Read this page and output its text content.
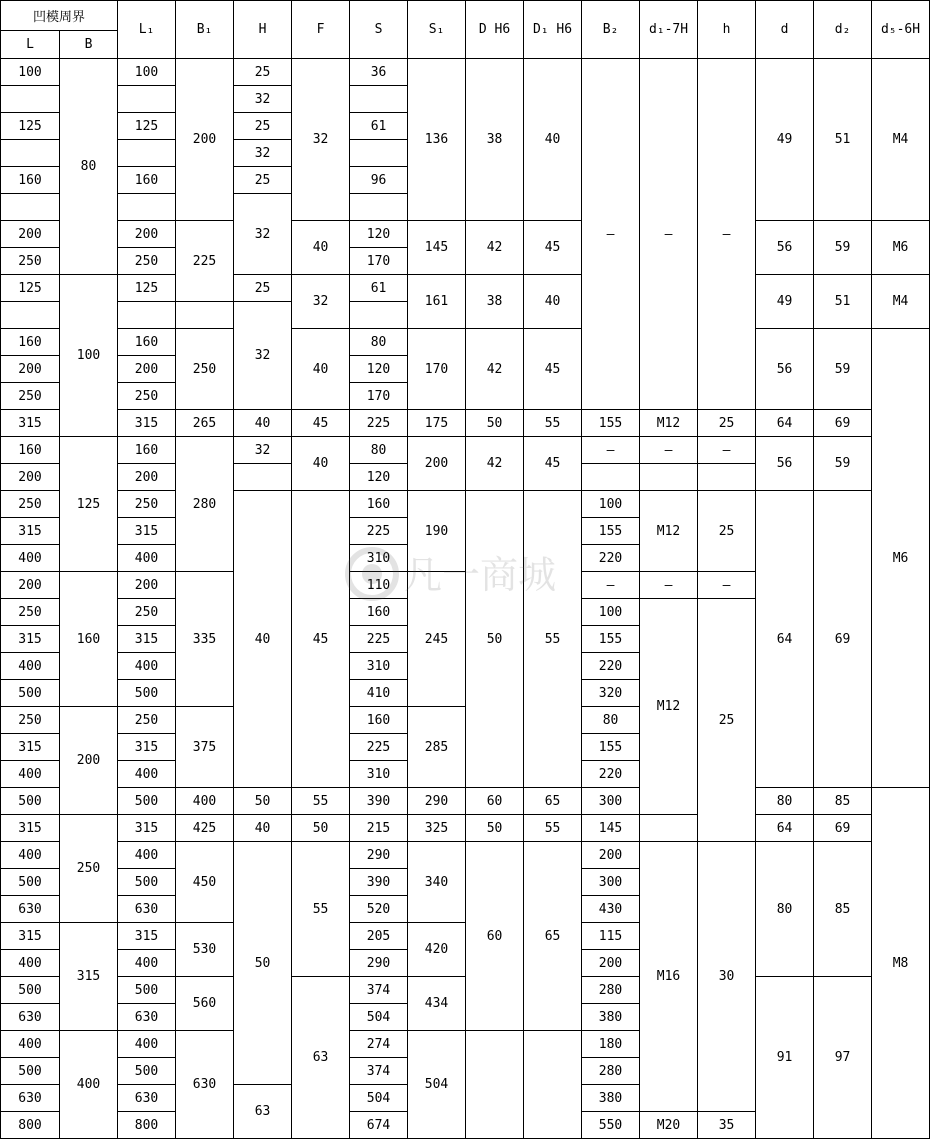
凹模周界		L₁	B₁	H	F	S	S₁	D H6	D₁ H6	B₂	d₁-7H	h	d	d₂	d₅-6H
L	B														
100	80	100	200	25	32	36	136	38	40	—	—	—	49	51	M4
				32											
125		125		25		61									
				32											
160		160		25		96									
				32											
200		200	225		40	120	145	42	45				56	59	M6
250		250				170									
125	100	125		25	32	61	161	38	40				49	51	M4
				32											
160		160	250		40	80	170	42	45				56	59	M6
200		200				120									
250		250				170									
315		315	265	40	45	225	175	50	55	155	M12	25	64	69	
160	125	160	280	32	40	80	200	42	45	—	—	—	56	59	
200		200				120									
250		250		40	45	160	190	50	55	100	M12	25	64	69	
315		315				225				155					
400		400				310				220					
200	160	200	335			110	245			—	—	—			
250		250				160				100	M12	25			
315		315				225				155					
400		400				310				220					
500		500				410				320					
250	200	250	375			160	285			80					
315		315				225				155					
400		400				310				220					
500		500	400	50	55	390	290	60	65	300			80	85	M8
315	250	315	425	40	50	215	325	50	55	145			64	69	
400		400	450	50	55	290	340	60	65	200	M16	30	80	85	
500		500				390				300					
630		630				520				430					
315	315	315	530			205	420			115					
400		400				290				200					
500		500	560		63	374	434			280			91	97	
630		630				504				380					
400	400	400	630			274	504			180					
500		500				374				280					
630		630		63		504				380					
800		800				674				550	M20	35			
凡一商城
